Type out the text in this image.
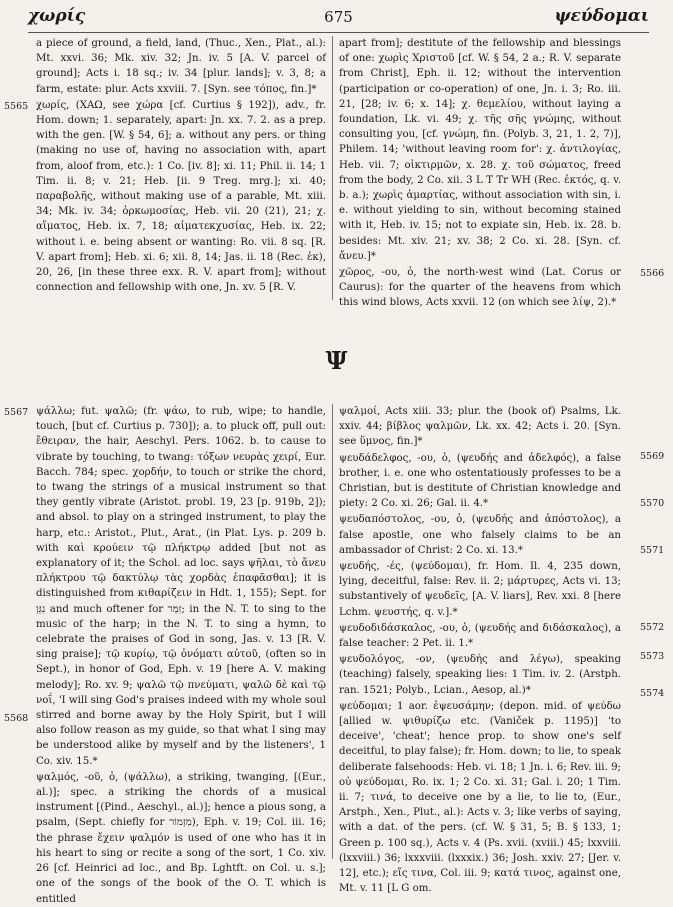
χωρίς	675	ψεύδομαι
5565
5566
5567
5568
5569
5570
5571
5572
5573
5574

a piece of ground, a field, land, (Thuc., Xen., Plat., al.): Mt. xxvi. 36; Mk. xiv. 32; Jn. iv. 5 [A. V. parcel of ground]; Acts i. 18 sq.; iv. 34 [plur. lands]; v. 3, 8; a farm, estate: plur. Acts xxviii. 7. [Syn. see τόπος, fin.]*

χωρίς, (ΧΑΩ, see χώρα [cf. Curtius § 192]), adv., fr. Hom. down; 1. separately, apart: Jn. xx. 7. 2. as a prep. with the gen. [W. § 54, 6]; a. without any pers. or thing (making no use of, having no association with, apart from, aloof from, etc.): 1 Co. [iv. 8]; xi. 11; Phil. ii. 14; 1 Tim. ii. 8; v. 21; Heb. [ii. 9 Treg. mrg.]; xi. 40; παραβολῆς, without making use of a parable, Mt. xiii. 34; Mk. iv. 34; ὁρκωμοσίας, Heb. vii. 20 (21), 21; χ. αἵματος, Heb. ix. 7, 18; αἱματεκχυσίας, Heb. ix. 22; without i. e. being absent or wanting: Ro. vii. 8 sq. [R. V. apart from]; Heb. xi. 6; xii. 8, 14; Jas. ii. 18 (Rec. ἐκ), 20, 26, [in these three exx. R. V. apart from]; without connection and fellowship with one, Jn. xv. 5 [R. V.

apart from]; destitute of the fellowship and blessings of one: χωρὶς Χριστοῦ [cf. W. § 54, 2 a.; R. V. separate from Christ], Eph. ii. 12; without the intervention (participation or co-operation) of one, Jn. i. 3; Ro. iii. 21, [28; iv. 6; x. 14]; χ. θεμελίου, without laying a foundation, Lk. vi. 49; χ. τῆς σῆς γνώμης, without consulting you, [cf. γνώμη, fin. (Polyb. 3, 21, 1. 2, 7)], Philem. 14; 'without leaving room for': χ. ἀντιλογίας, Heb. vii. 7; οἰκτιρμῶν, x. 28. χ. τοῦ σώματος, freed from the body, 2 Co. xii. 3 L T Tr WH (Rec. ἐκτός, q. v. b. a.); χωρὶς ἁμαρτίας, without association with sin, i. e. without yielding to sin, without becoming stained with it, Heb. iv. 15; not to expiate sin, Heb. ix. 28. b. besides: Mt. xiv. 21; xv. 38; 2 Co. xi. 28. [Syn. cf. ἄνευ.]*

χῶρος, -ου, ὁ, the north-west wind (Lat. Corus or Caurus): for the quarter of the heavens from which this wind blows, Acts xxvii. 12 (on which see λίψ, 2).*

Ψ

ψάλλω; fut. ψαλῶ; (fr. ψάω, to rub, wipe; to handle, touch, [but cf. Curtius p. 730]); a. to pluck off, pull out: ἔθειραν, the hair, Aeschyl. Pers. 1062. b. to cause to vibrate by touching, to twang: τόξων νευρὰς χειρί, Eur. Bacch. 784; spec. χορδήν, to touch or strike the chord, to twang the strings of a musical instrument so that they gently vibrate (Aristot. probl. 19, 23 [p. 919b, 2]); and absol. to play on a stringed instrument, to play the harp, etc.: Aristot., Plut., Arat., (in Plat. Lys. p. 209 b. with καὶ κρούειν τῷ πλήκτρῳ added [but not as explanatory of it; the Schol. ad loc. says ψῆλαι, τὸ ἄνευ πλήκτρου τῷ δακτύλῳ τὰς χορδὰς ἐπαφᾶσθαι]; it is distinguished from κιθαρίζειν in Hdt. 1, 155); Sept. for נִגֵּן and much oftener for זִמֵּר; in the N. T. to sing to the music of the harp; in the N. T. to sing a hymn, to celebrate the praises of God in song, Jas. v. 13 [R. V. sing praise]; τῷ κυρίῳ, τῷ ὀνόματι αὐτοῦ, (often so in Sept.), in honor of God, Eph. v. 19 [here A. V. making melody]; Ro. xv. 9; ψαλῶ τῷ πνεύματι, ψαλῶ δὲ καὶ τῷ νοΐ, 'I will sing God's praises indeed with my whole soul stirred and borne away by the Holy Spirit, but I will also follow reason as my guide, so that what I sing may be understood alike by myself and by the listeners', 1 Co. xiv. 15.*

ψαλμός, -οῦ, ὁ, (ψάλλω), a striking, twanging, [(Eur., al.)]; spec. a striking the chords of a musical instrument [(Pind., Aeschyl., al.)]; hence a pious song, a psalm, (Sept. chiefly for מִזְמוֹר), Eph. v. 19; Col. iii. 16; the phrase ἔχειν ψαλμόν is used of one who has it in his heart to sing or recite a song of the sort, 1 Co. xiv. 26 [cf. Heinrici ad loc., and Bp. Lghtft. on Col. u. s.]; one of the songs of the book of the O. T. which is entitled

ψαλμοί, Acts xiii. 33; plur. the (book of) Psalms, Lk. xxiv. 44; βίβλος ψαλμῶν, Lk. xx. 42; Acts i. 20. [Syn. see ὕμνος, fin.]*

ψευδάδελφος, -ου, ὁ, (ψευδής and ἀδελφός), a false brother, i. e. one who ostentatiously professes to be a Christian, but is destitute of Christian knowledge and piety: 2 Co. xi. 26; Gal. ii. 4.*

ψευδαπόστολος, -ου, ὁ, (ψευδής and ἀπόστολος), a false apostle, one who falsely claims to be an ambassador of Christ: 2 Co. xi. 13.*

ψευδής, -ές, (ψεύδομαι), fr. Hom. Il. 4, 235 down, lying, deceitful, false: Rev. ii. 2; μάρτυρες, Acts vi. 13; substantively of ψευδεῖς, [A. V. liars], Rev. xxi. 8 [here Lchm. ψευστής, q. v.].*

ψευδοδιδάσκαλος, -ου, ὁ, (ψευδής and διδάσκαλος), a false teacher: 2 Pet. ii. 1.*

ψευδολόγος, -ον, (ψευδής and λέγω), speaking (teaching) falsely, speaking lies: 1 Tim. iv. 2. (Arstph. ran. 1521; Polyb., Lcian., Aesop, al.)*

ψεύδομαι; 1 aor. ἐψευσάμην; (depon. mid. of ψεύδω [allied w. ψιθυρίζω etc. (Vaniček p. 1195)] 'to deceive', 'cheat'; hence prop. to show one's self deceitful, to play false); fr. Hom. down; to lie, to speak deliberate falsehoods: Heb. vi. 18; 1 Jn. i. 6; Rev. iii. 9; οὐ ψεύδομαι, Ro. ix. 1; 2 Co. xi. 31; Gal. i. 20; 1 Tim. ii. 7; τινά, to deceive one by a lie, to lie to, (Eur., Arstph., Xen., Plut., al.): Acts v. 3; like verbs of saying, with a dat. of the pers. (cf. W. § 31, 5; B. § 133, 1; Green p. 100 sq.), Acts v. 4 (Ps. xvii. (xviii.) 45; lxxviii. (lxxviii.) 36; lxxxviii. (lxxxix.) 36; Josh. xxiv. 27; [Jer. v. 12], etc.); εἴς τινα, Col. iii. 9; κατά τινος, against one, Mt. v. 11 [L G om.
